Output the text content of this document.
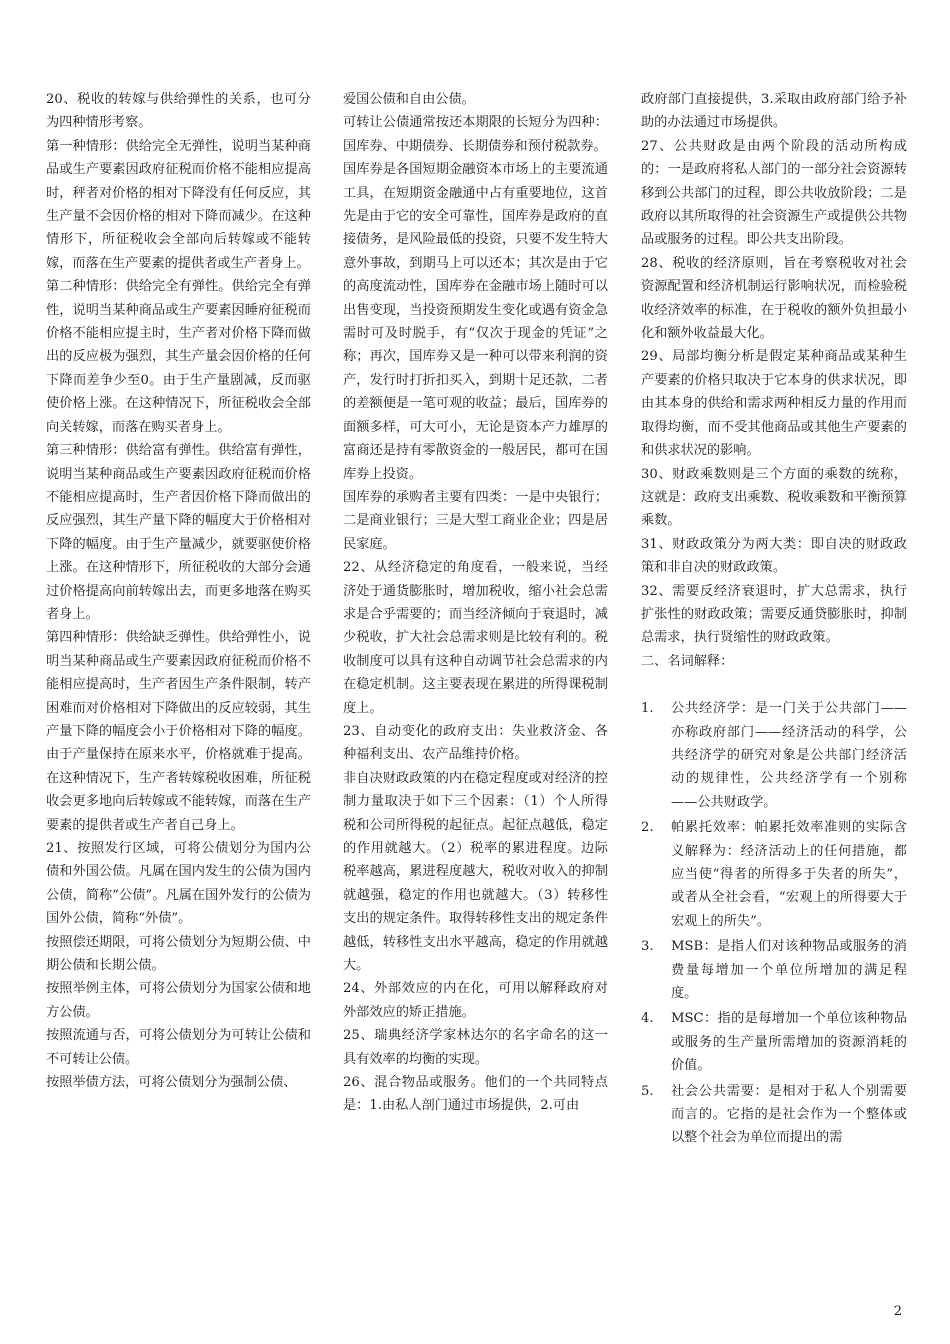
20、税收的转嫁与供给弹性的关系，也可分为四种情形考察。

第一种情形：供给完全无弹性，说明当某种商品或生产要素因政府征税而价格不能相应提高时，秤者对价格的相对下降没有任何反应，其生产量不会因价格的相对下降而减少。在这种情形下，所征税收会全部向后转嫁或不能转嫁，而落在生产要素的提供者或生产者身上。

第二种情形：供给完全有弹性。供给完全有弹性，说明当某种商品或生产要素因睡府征税而价格不能相应提主时，生产者对价格下降而做出的反应极为强烈，其生产量会因价格的任何下降而差争少至0。由于生产量剧减，反而驱使价格上涨。在这种情况下，所征税收会全部向关转嫁，而落在购买者身上。

第三种情形：供给富有弹性。供给富有弹性，说明当某种商品或生产要素因政府征税而价格不能相应提高时，生产者因价格下降而做出的反应强烈，其生产量下降的幅度大于价格相对下降的幅度。由于生产量减少，就要驱使价格上涨。在这种情形下，所征税收的大部分会通过价格提高向前转嫁出去，而更多地落在购买者身上。

第四种情形：供给缺乏弹性。供给弹性小，说明当某种商品或生产要素因政府征税而价格不能相应提高时，生产者因生产条件限制，转产困难而对价格相对下降做出的反应较弱，其生产量下降的幅度会小于价格相对下降的幅度。由于产量保持在原来水平，价格就难于提高。在这种情况下，生产者转嫁税收困难，所征税收会更多地向后转嫁或不能转嫁，而落在生产要素的提供者或生产者自己身上。

21、按照发行区域，可将公债划分为国内公债和外国公债。凡属在国内发生的公债为国内公债，简称“公债”。凡属在国外发行的公债为国外公债，简称“外债”。

按照偿还期限，可将公债划分为短期公债、中期公债和长期公债。

按照举例主体，可将公债划分为国家公债和地方公债。

按照流通与否，可将公债划分为可转让公债和不可转让公债。

按照举债方法，可将公债划分为强制公债、

爱国公债和自由公债。

可转让公债通常按还本期限的长短分为四种：国库券、中期债券、长期债券和预付税款券。

国库券是各国短期金融资本市场上的主要流通工具，在短期资金融通中占有重要地位，这首先是由于它的安全可靠性，国库券是政府的直接债务，是风险最低的投资，只要不发生特大意外事故，到期马上可以还本；其次是由于它的高度流动性，国库券在金融市场上随时可以出售变现，当投资预期发生变化或遇有资金急需时可及时脱手，有“仅次于现金的凭证”之称；再次，国库券又是一种可以带来利润的资产，发行时打折扣买入，到期十足还款，二者的差额便是一笔可观的收益；最后，国库券的面额多样，可大可小，无论是资本产力雄厚的富商还是持有零散资金的一般居民，都可在国库券上投资。

国库券的承购者主要有四类：一是中央银行；二是商业银行；三是大型工商业企业；四是居民家庭。

22、从经济稳定的角度看，一般来说，当经济处于通货膨胀时，增加税收，缩小社会总需求是合乎需要的；而当经济倾向于衰退时，减少税收，扩大社会总需求则是比较有利的。税收制度可以具有这种自动调节社会总需求的内在稳定机制。这主要表现在累进的所得课税制度上。

23、自动变化的政府支出：失业救济金、各种福利支出、农产品维持价格。

非自决财政政策的内在稳定程度或对经济的控制力量取决于如下三个因素：（1）个人所得税和公司所得税的起征点。起征点越低，稳定的作用就越大。（2）税率的累进程度。边际税率越高，累进程度越大，税收对收入的抑制就越强，稳定的作用也就越大。（3）转移性支出的规定条件。取得转移性支出的规定条件越低，转移性支出水平越高，稳定的作用就越大。

24、外部效应的内在化，可用以解释政府对外部效应的矫正措施。

25、瑞典经济学家林达尔的名字命名的这一具有效率的均衡的实现。

26、混合物品或服务。他们的一个共同特点是：1.由私人剖门通过市场提供，2.可由

政府部门直接提供，3.采取由政府部门给予补助的办法通过市场提供。

27、公共财政是由两个阶段的活动所构成的：一是政府将私人部门的一部分社会资源转移到公共部门的过程，即公共收放阶段；二是政府以其所取得的社会资源生产或提供公共物品或服务的过程。即公共支出阶段。

28、税收的经济原则，旨在考察税收对社会资源配置和经济机制运行影响状况，而检验税收经济效率的标准，在于税收的额外负担最小化和额外收益最大化。

29、局部均衡分析是假定某种商品或某种生产要素的价格只取决于它本身的供求状况，即由其本身的供给和需求两种相反力量的作用而取得均衡，而不受其他商品或其他生产要素的和供求状况的影响。

30、财政乘数则是三个方面的乘数的统称，这就是：政府支出乘数、税收乘数和平衡预算乘数。

31、财政政策分为两大类：即自决的财政政策和非自决的财政政策。

32、需要反经济衰退时，扩大总需求，执行扩张性的财政政策；需要反通贷膨胀时，抑制总需求，执行贤缩性的财政政策。

二、名词解释：

1. 公共经济学：是一门关于公共部门——亦称政府部门——经济活动的科学，公共经济学的研究对象是公共部门经济活动的规律性，公共经济学有一个别称——公共财政学。
2. 帕累托效率：帕累托效率准则的实际含义解释为：经济活动上的任何措施，都应当使“得者的所得多于失者的所失”，或者从全社会看，“宏观上的所得要大于宏观上的所失”。
3. MSB：是指人们对该种物品或服务的消费量每增加一个单位所增加的满足程度。
4. MSC：指的是每增加一个单位该种物品或服务的生产量所需增加的资源消耗的价值。
5. 社会公共需要：是相对于私人个别需要而言的。它指的是社会作为一个整体或以整个社会为单位而提出的需
2
